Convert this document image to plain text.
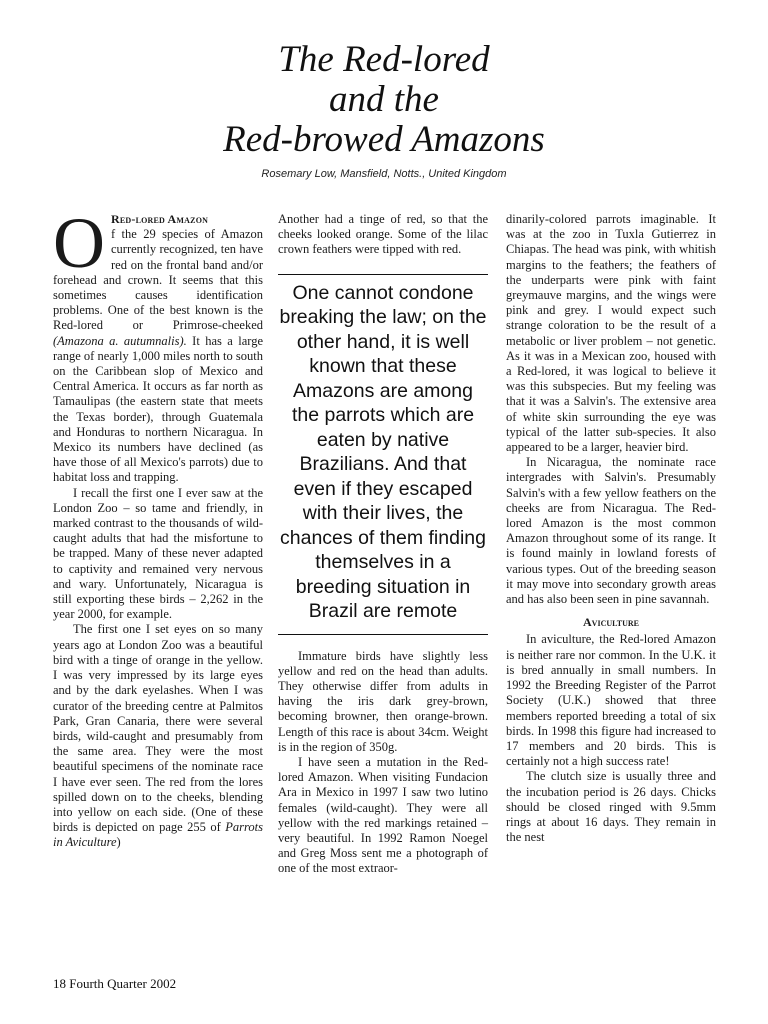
The Red-lored

and the

Red-browed Amazons

Rosemary Low, Mansfield, Notts., United Kingdom
O Red-lored Amazon
f the 29 species of Amazon currently recognized, ten have red on the frontal band and/or forehead and crown. It seems that this sometimes causes identification problems. One of the best known is the Red-lored or Primrose-cheeked (Amazona a. autumnalis). It has a large range of nearly 1,000 miles north to south on the Caribbean slop of Mexico and Central America. It occurs as far north as Tamaulipas (the eastern state that meets the Texas border), through Guatemala and Honduras to northern Nicaragua. In Mexico its numbers have declined (as have those of all Mexico's parrots) due to habitat loss and trapping.

I recall the first one I ever saw at the London Zoo – so tame and friendly, in marked contrast to the thousands of wild-caught adults that had the misfortune to be trapped. Many of these never adapted to captivity and remained very nervous and wary. Unfortunately, Nicaragua is still exporting these birds – 2,262 in the year 2000, for example.

The first one I set eyes on so many years ago at London Zoo was a beautiful bird with a tinge of orange in the yellow. I was very impressed by its large eyes and by the dark eyelashes. When I was curator of the breeding centre at Palmitos Park, Gran Canaria, there were several birds, wild-caught and presumably from the same area. They were the most beautiful specimens of the nominate race I have ever seen. The red from the lores spilled down on to the cheeks, blending into yellow on each side. (One of these birds is depicted on page 255 of Parrots in Aviculture)

Another had a tinge of red, so that the cheeks looked orange. Some of the lilac crown feathers were tipped with red.

One cannot condone breaking the law; on the other hand, it is well known that these Amazons are among the parrots which are eaten by native Brazilians. And that even if they escaped with their lives, the chances of them finding themselves in a breeding situation in Brazil are remote

Immature birds have slightly less yellow and red on the head than adults. They otherwise differ from adults in having the iris dark grey-brown, becoming browner, then orange-brown. Length of this race is about 34cm. Weight is in the region of 350g.

I have seen a mutation in the Red-lored Amazon. When visiting Fundacion Ara in Mexico in 1997 I saw two lutino females (wild-caught). They were all yellow with the red markings retained – very beautiful. In 1992 Ramon Noegel and Greg Moss sent me a photograph of one of the most extraor-

dinarily-colored parrots imaginable. It was at the zoo in Tuxla Gutierrez in Chiapas. The head was pink, with whitish margins to the feathers; the feathers of the underparts were pink with faint greymauve margins, and the wings were pink and grey. I would expect such strange coloration to be the result of a metabolic or liver problem – not genetic. As it was in a Mexican zoo, housed with a Red-lored, it was logical to believe it was this subspecies. But my feeling was that it was a Salvin's. The extensive area of white skin surrounding the eye was typical of the latter sub-species. It also appeared to be a larger, heavier bird.

In Nicaragua, the nominate race intergrades with Salvin's. Presumably Salvin's with a few yellow feathers on the cheeks are from Nicaragua. The Red-lored Amazon is the most common Amazon throughout some of its range. It is found mainly in lowland forests of various types. Out of the breeding season it may move into secondary growth areas and has also been seen in pine savannah.

Aviculture

In aviculture, the Red-lored Amazon is neither rare nor common. In the U.K. it is bred annually in small numbers. In 1992 the Breeding Register of the Parrot Society (U.K.) showed that three members reported breeding a total of six birds. In 1998 this figure had increased to 17 members and 20 birds. This is certainly not a high success rate!

The clutch size is usually three and the incubation period is 26 days. Chicks should be closed ringed with 9.5mm rings at about 16 days. They remain in the nest

18 Fourth Quarter 2002
